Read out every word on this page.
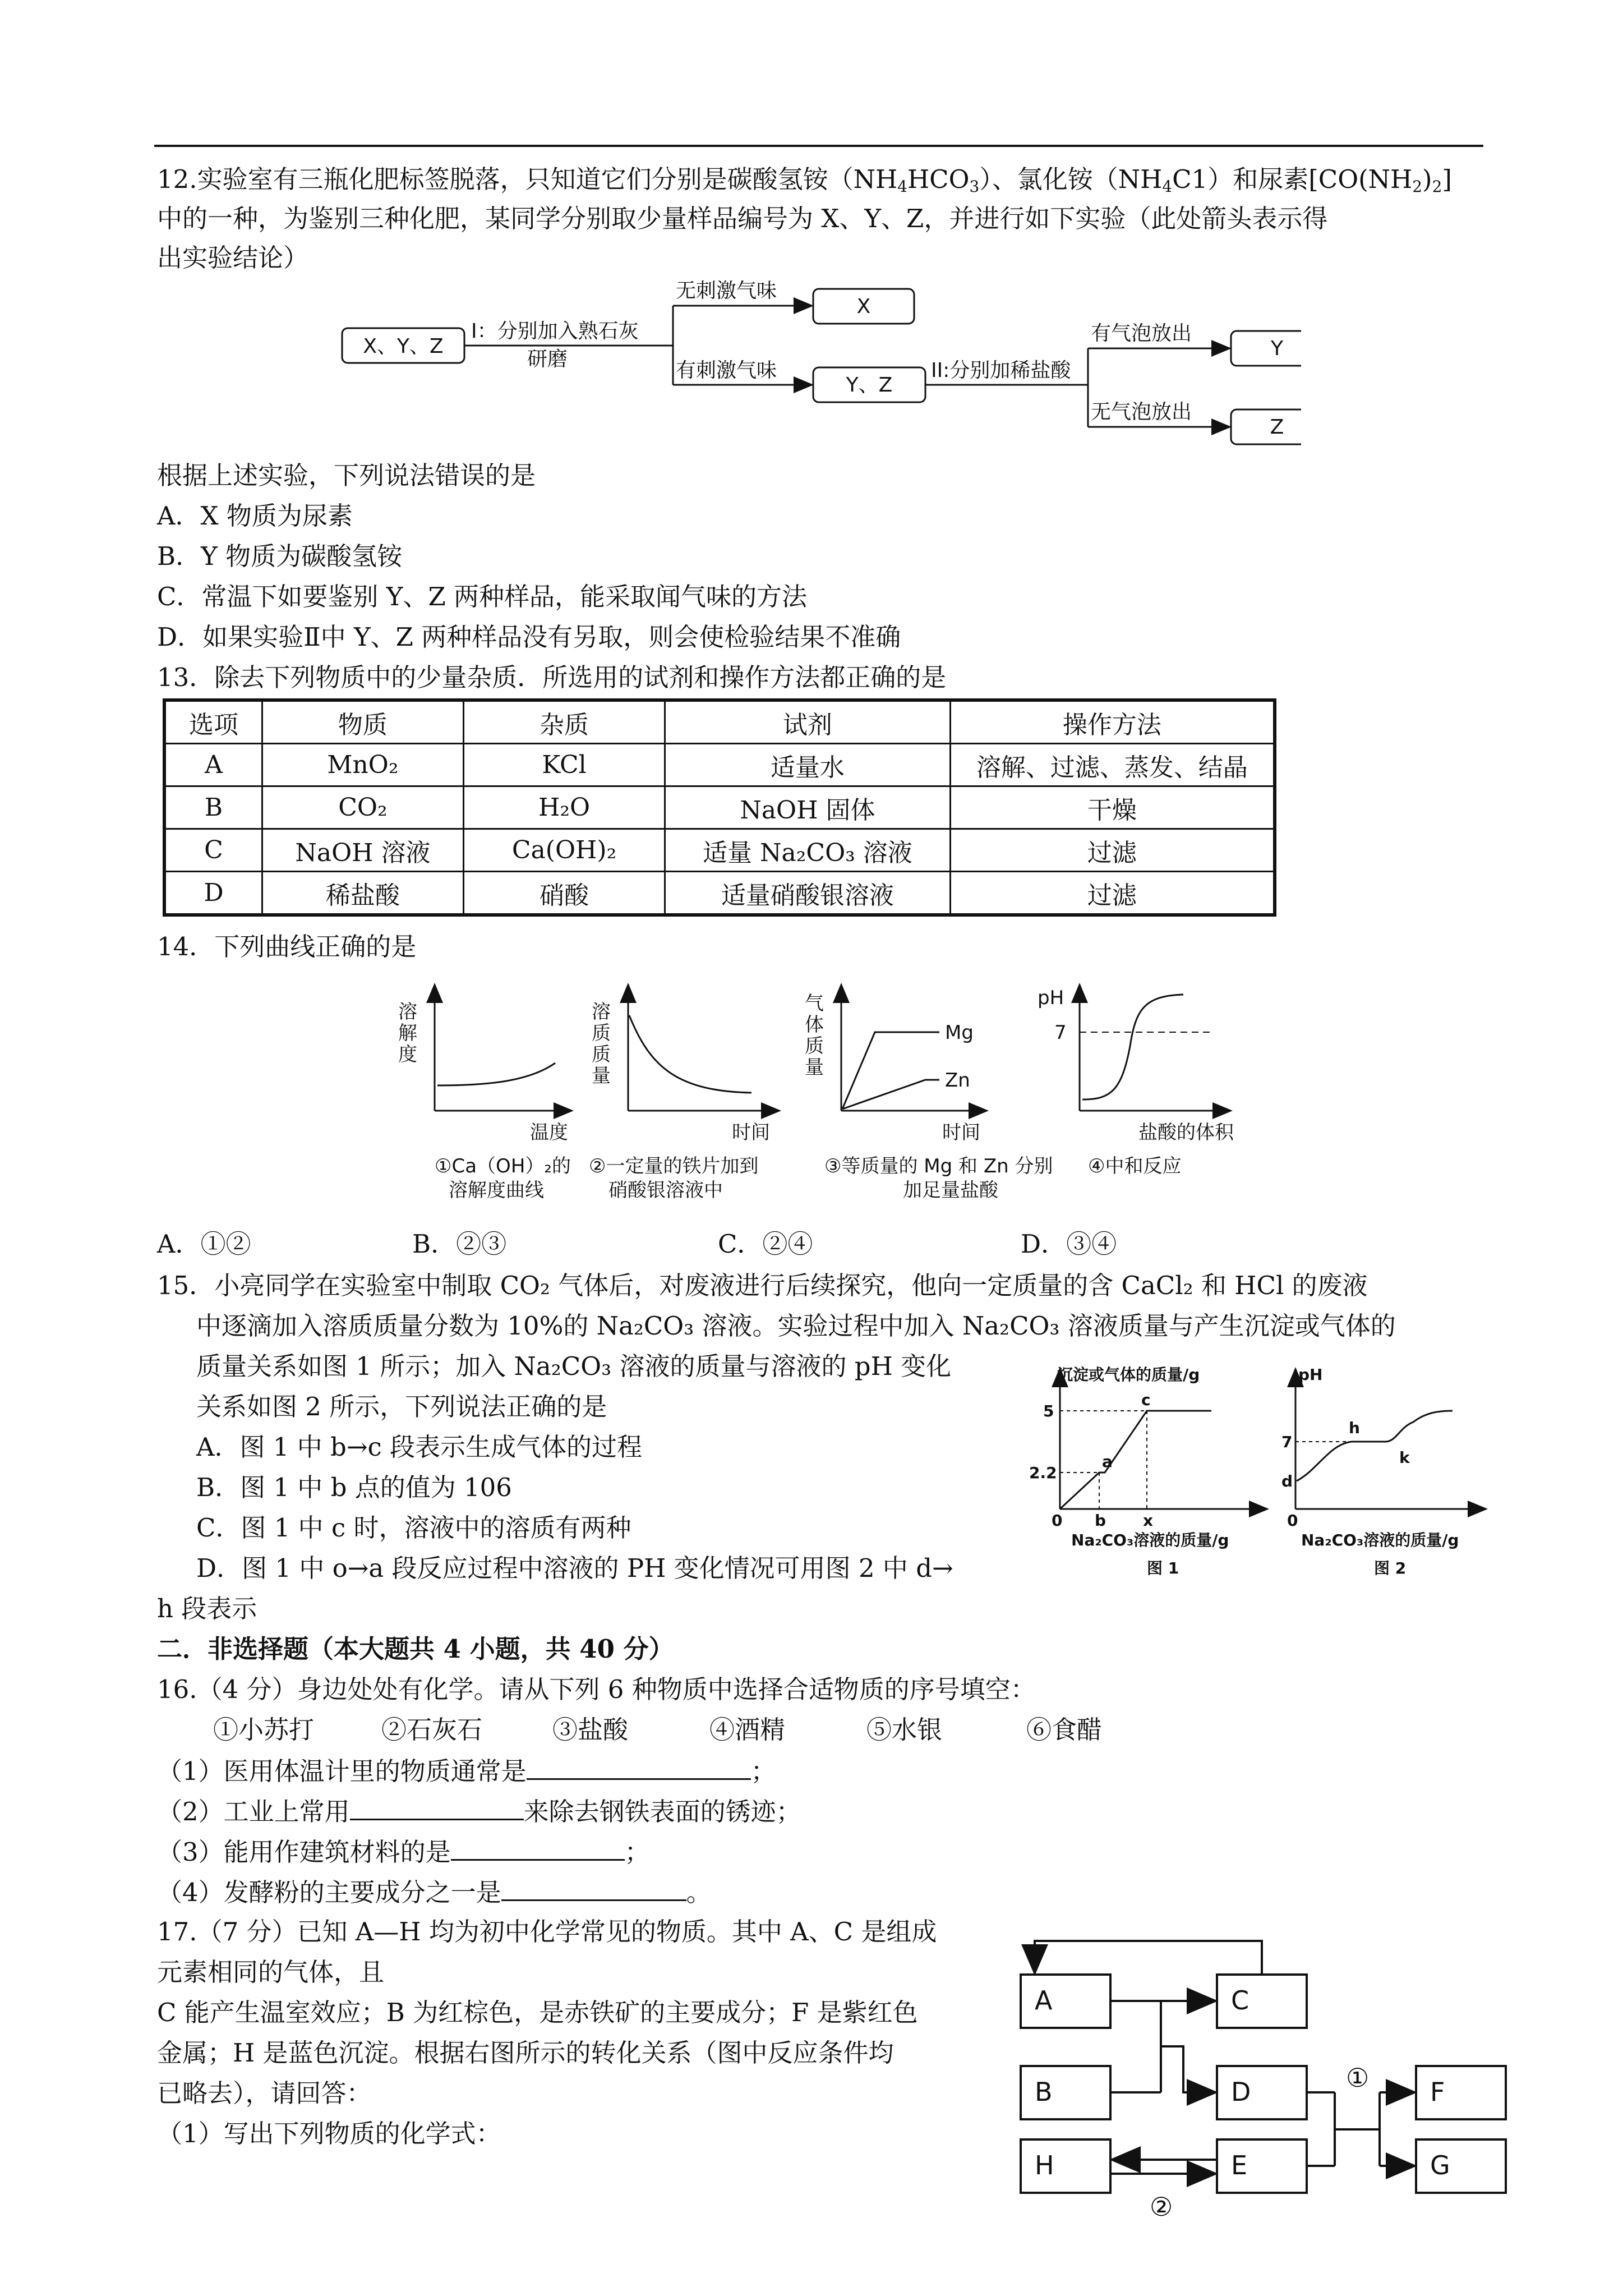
12.实验室有三瓶化肥标签脱落，只知道它们分别是碳酸氢铵$(NH_4HCO_3)$、氯化铵$(NH_4C1)$和尿素$[CO(NH_2)_2]$
中的一种，为鉴别三种化肥，某同学分别取少量样品编号为 X、Y、Z，并进行如下实验（此处箭头表示得
出实验结论）
X、Y、Z
I：分别加入熟石灰
研磨
无刺激气味
有刺激气味
X
Y、Z
II:分别加稀盐酸
有气泡放出
无气泡放出
Y
Z
根据上述实验，下列说法错误的是
A．X 物质为尿素
B．Y 物质为碳酸氢铵
C．常温下如要鉴别 Y、Z 两种样品，能采取闻气味的方法
D．如果实验Ⅱ中 Y、Z 两种样品没有另取，则会使检验结果不准确
13．除去下列物质中的少量杂质．所选用的试剂和操作方法都正确的是
选项	物质	杂质	试剂	操作方法
A	MnO₂	KCl	适量水	溶解、过滤、蒸发、结晶
B	CO₂	H₂O	NaOH 固体	干燥
C	NaOH 溶液	Ca(OH)₂	适量 Na₂CO₃ 溶液	过滤
D	稀盐酸	硝酸	适量硝酸银溶液	过滤
14．下列曲线正确的是
溶
解
度
温度
①Ca（OH）₂的
溶解度曲线
溶
质
质
量
时间
②一定量的铁片加到
硝酸银溶液中
气
体
质
量
Mg
Zn
时间
③等质量的 Mg 和 Zn 分别
加足量盐酸
pH
7
盐酸的体积
④中和反应
A．①②	B．②③	C．②④	D．③④
15．小亮同学在实验室中制取 CO₂ 气体后，对废液进行后续探究，他向一定质量的含 CaCl₂ 和 HCl 的废液
中逐滴加入溶质质量分数为 10%的 Na₂CO₃ 溶液。实验过程中加入 Na₂CO₃ 溶液质量与产生沉淀或气体的
质量关系如图 1 所示；加入 Na₂CO₃ 溶液的质量与溶液的 pH 变化
关系如图 2 所示，下列说法正确的是
A．图 1 中 b→c 段表示生成气体的过程
B．图 1 中 b 点的值为 106
C．图 1 中 c 时，溶液中的溶质有两种
D．图 1 中 o→a 段反应过程中溶液的 PH 变化情况可用图 2 中 d→
h 段表示
沉淀或气体的质量/g
5
2.2
0 b x
a
c
Na₂CO₃溶液的质量/g
图 1
pH
7
d
h
k
0
Na₂CO₃溶液的质量/g
图 2
二．非选择题（本大题共 4 小题，共 40 分）
16.（4 分）身边处处有化学。请从下列 6 种物质中选择合适物质的序号填空：
①小苏打	②石灰石	③盐酸	④酒精	⑤水银	⑥食醋
（1）医用体温计里的物质通常是	；
（2）工业上常用	来除去钢铁表面的锈迹；
（3）能用作建筑材料的是	；
（4）发酵粉的主要成分之一是	。
17.（7 分）已知 A—H 均为初中化学常见的物质。其中 A、C 是组成
元素相同的气体，且
C 能产生温室效应；B 为红棕色，是赤铁矿的主要成分；F 是紫红色
金属；H 是蓝色沉淀。根据右图所示的转化关系（图中反应条件均
已略去），请回答：
（1）写出下列物质的化学式：
A	C
B	D
H	E
F
G
①
②
